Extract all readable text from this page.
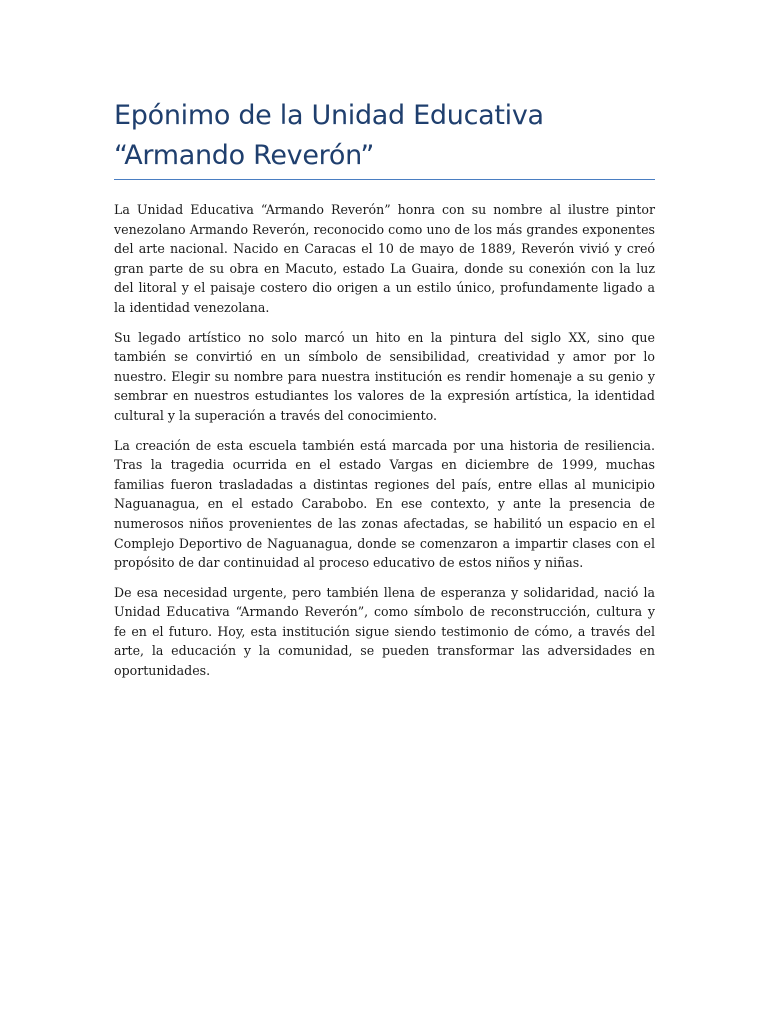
Epónimo de la Unidad Educativa
“Armando Reverón”

La Unidad Educativa “Armando Reverón” honra con su nombre al ilustre pintor venezolano Armando Reverón, reconocido como uno de los más grandes exponentes del arte nacional. Nacido en Caracas el 10 de mayo de 1889, Reverón vivió y creó gran parte de su obra en Macuto, estado La Guaira, donde su conexión con la luz del litoral y el paisaje costero dio origen a un estilo único, profundamente ligado a la identidad venezolana.

Su legado artístico no solo marcó un hito en la pintura del siglo XX, sino que también se convirtió en un símbolo de sensibilidad, creatividad y amor por lo nuestro. Elegir su nombre para nuestra institución es rendir homenaje a su genio y sembrar en nuestros estudiantes los valores de la expresión artística, la identidad cultural y la superación a través del conocimiento.

La creación de esta escuela también está marcada por una historia de resiliencia. Tras la tragedia ocurrida en el estado Vargas en diciembre de 1999, muchas familias fueron trasladadas a distintas regiones del país, entre ellas al municipio Naguanagua, en el estado Carabobo. En ese contexto, y ante la presencia de numerosos niños provenientes de las zonas afectadas, se habilitó un espacio en el Complejo Deportivo de Naguanagua, donde se comenzaron a impartir clases con el propósito de dar continuidad al proceso educativo de estos niños y niñas.

De esa necesidad urgente, pero también llena de esperanza y solidaridad, nació la Unidad Educativa “Armando Reverón”, como símbolo de reconstrucción, cultura y fe en el futuro. Hoy, esta institución sigue siendo testimonio de cómo, a través del arte, la educación y la comunidad, se pueden transformar las adversidades en oportunidades.
